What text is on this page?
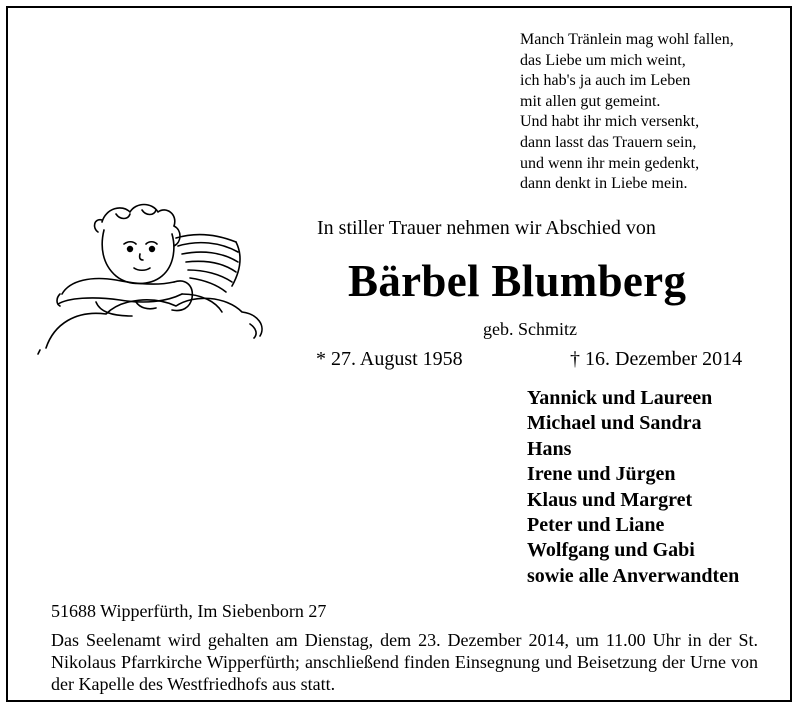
Manch Tränlein mag wohl fallen,
das Liebe um mich weint,
ich hab's ja auch im Leben
mit allen gut gemeint.
Und habt ihr mich versenkt,
dann lasst das Trauern sein,
und wenn ihr mein gedenkt,
dann denkt in Liebe mein.
In stiller Trauer nehmen wir Abschied von
Bärbel Blumberg
geb. Schmitz
* 27. August 1958	† 16. Dezember 2014
Yannick und Laureen
Michael und Sandra
Hans
Irene und Jürgen
Klaus und Margret
Peter und Liane
Wolfgang und Gabi
sowie alle Anverwandten
51688 Wipperfürth, Im Siebenborn 27
Das Seelenamt wird gehalten am Dienstag, dem 23. Dezember 2014, um 11.00 Uhr in der St. Nikolaus Pfarrkirche Wipperfürth; anschließend finden Einsegnung und Beisetzung der Urne von der Kapelle des Westfriedhofs aus statt.
